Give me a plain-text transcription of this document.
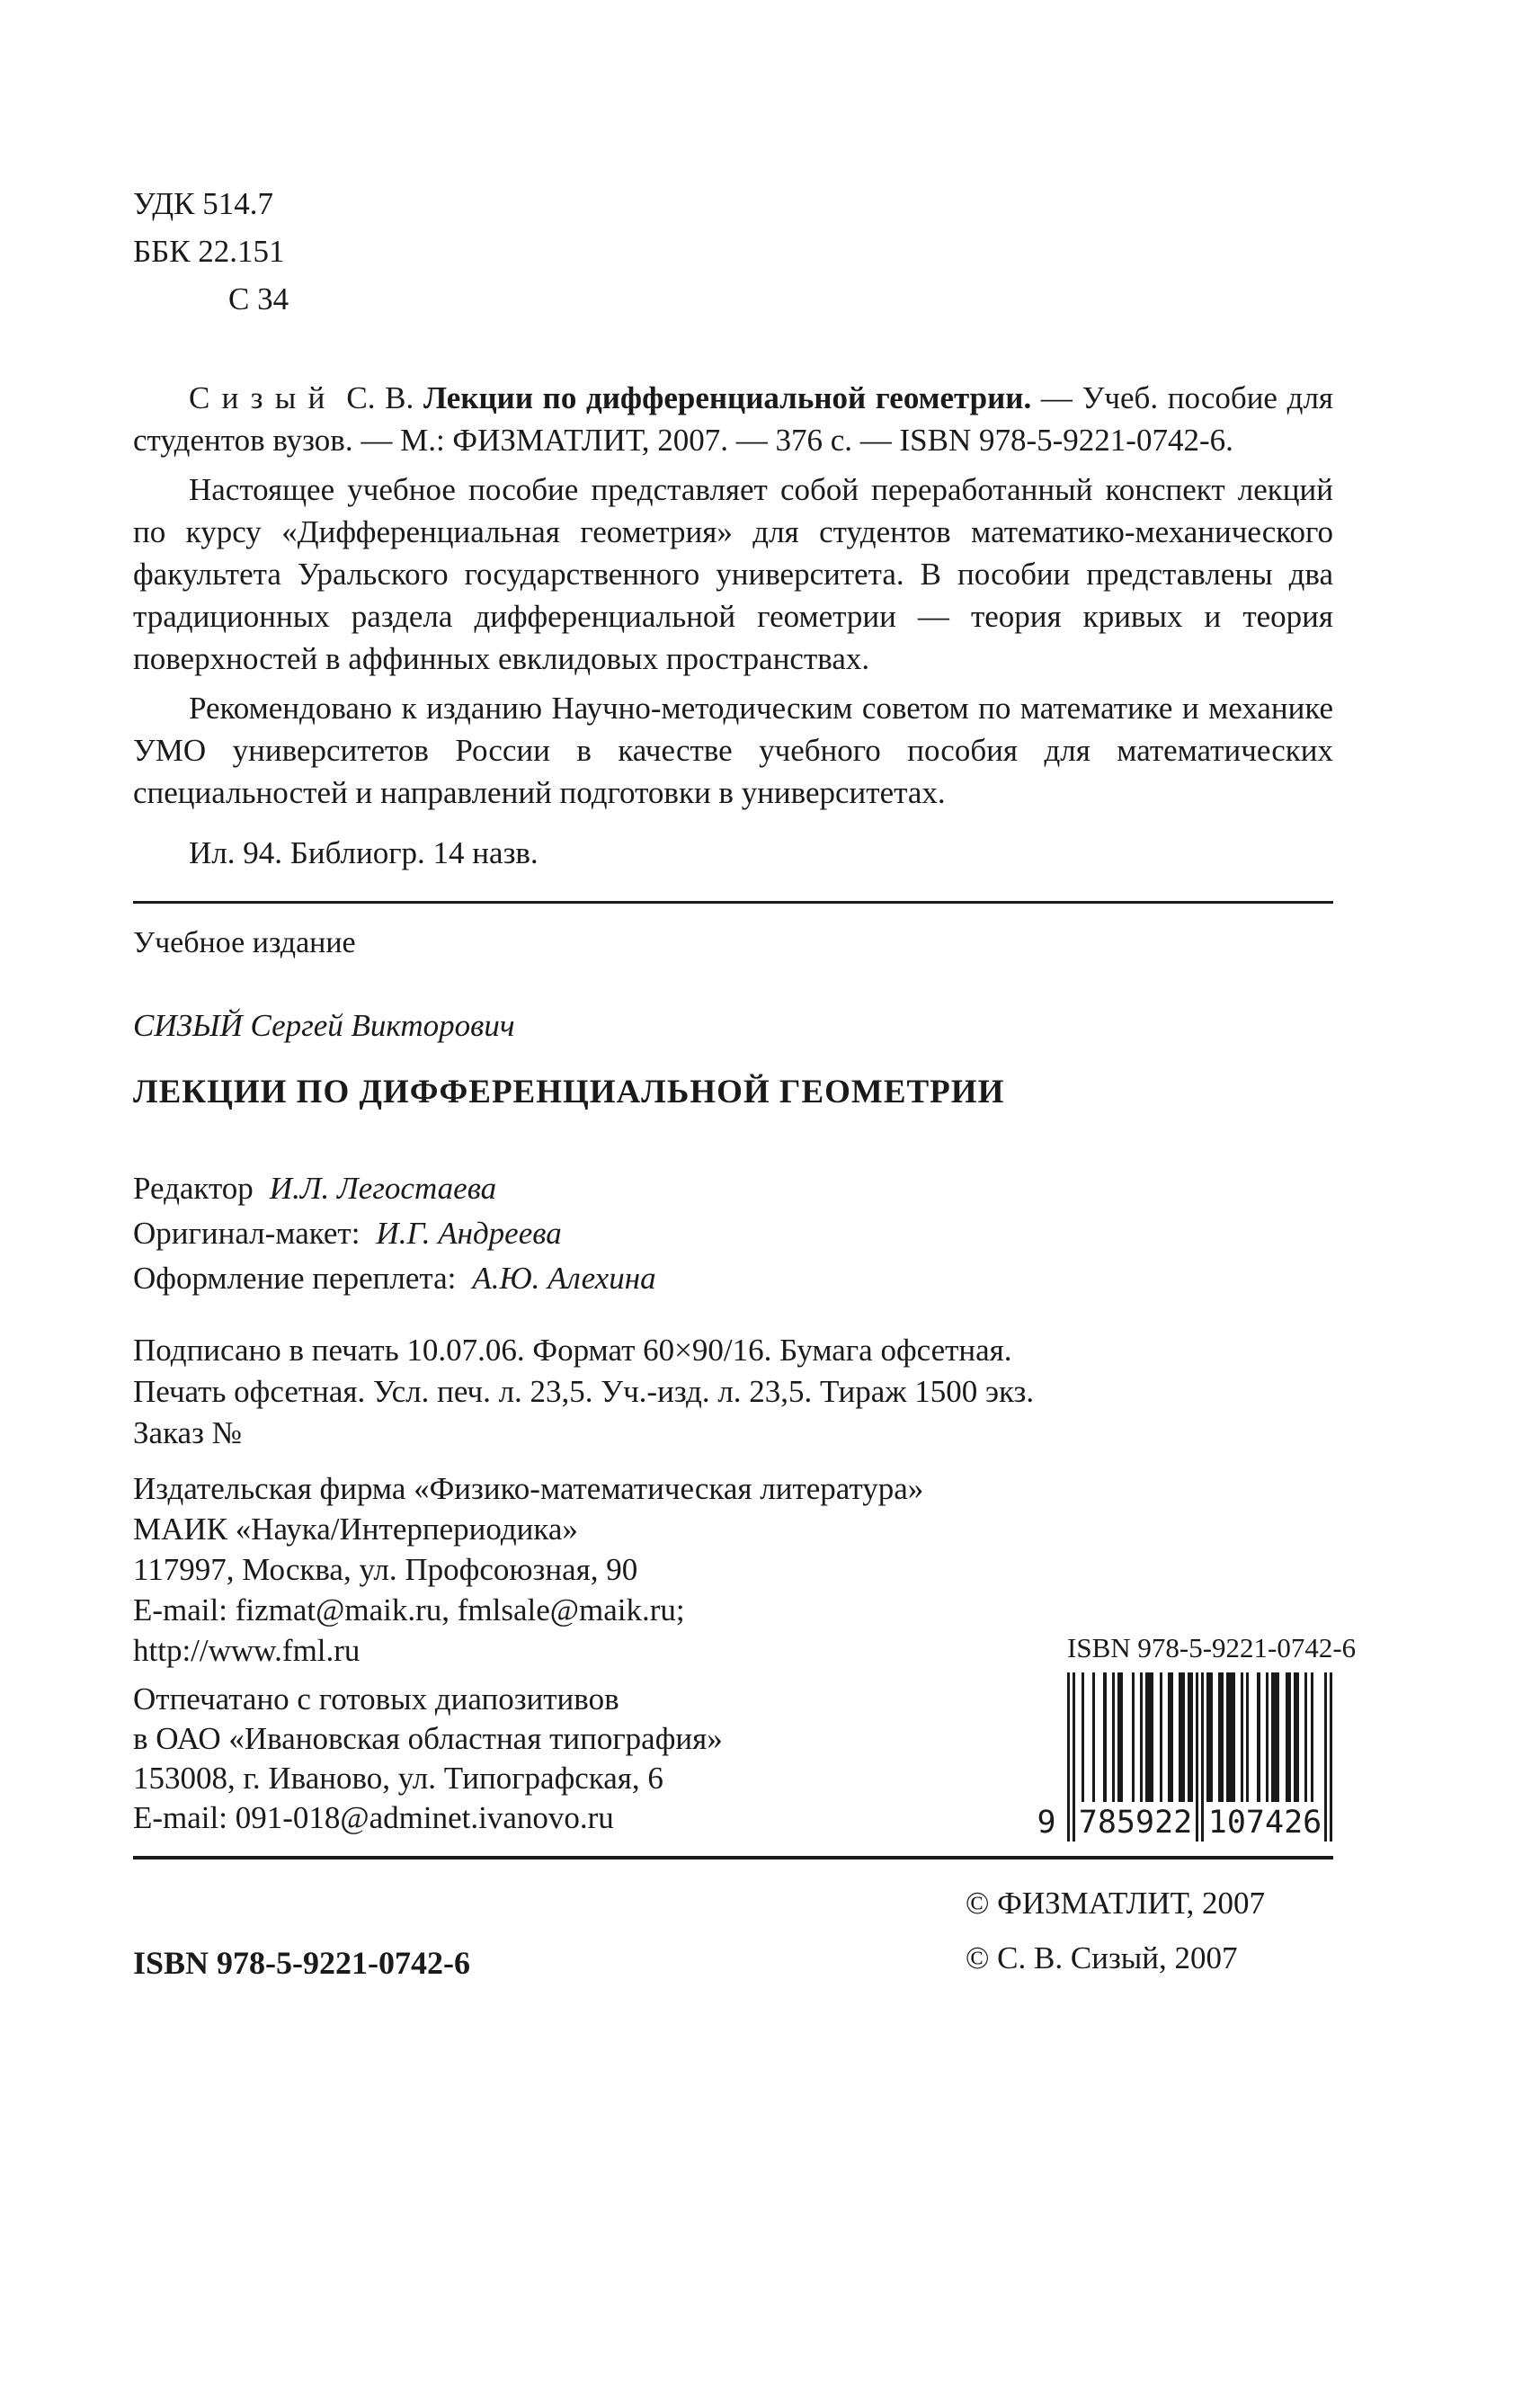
УДК 514.7
ББК 22.151
С 34

Сизый С. В. Лекции по дифференциальной геометрии. — Учеб. пособие для студентов вузов. — М.: ФИЗМАТЛИТ, 2007. — 376 с. — ISBN 978-5-9221-0742-6.

Настоящее учебное пособие представляет собой переработанный конспект лекций по курсу «Дифференциальная геометрия» для студентов математико-механического факультета Уральского государственного университета. В пособии представлены два традиционных раздела дифференциальной геометрии — теория кривых и теория поверхностей в аффинных евклидовых пространствах.

Рекомендовано к изданию Научно-методическим советом по математике и механике УМО университетов России в качестве учебного пособия для математических специальностей и направлений подготовки в университетах.

Ил. 94. Библиогр. 14 назв.
Учебное издание
СИЗЫЙ Сергей Викторович
ЛЕКЦИИ ПО ДИФФЕРЕНЦИАЛЬНОЙ ГЕОМЕТРИИ
Редактор И.Л. Легостаева
Оригинал-макет: И.Г. Андреева
Оформление переплета: А.Ю. Алехина
Подписано в печать 10.07.06. Формат 60×90/16. Бумага офсетная.
Печать офсетная. Усл. печ. л. 23,5. Уч.-изд. л. 23,5. Тираж 1500 экз.
Заказ №
Издательская фирма «Физико-математическая литература»
МАИК «Наука/Интерпериодика»
117997, Москва, ул. Профсоюзная, 90
E-mail: fizmat@maik.ru, fmlsale@maik.ru;
http://www.fml.ru
Отпечатано с готовых диапозитивов
в ОАО «Ивановская областная типография»
153008, г. Иваново, ул. Типографская, 6
E-mail: 091-018@adminet.ivanovo.ru
ISBN 978-5-9221-0742-6
9 785922 107426
ISBN 978-5-9221-0742-6
© ФИЗМАТЛИТ, 2007
© С. В. Сизый, 2007
